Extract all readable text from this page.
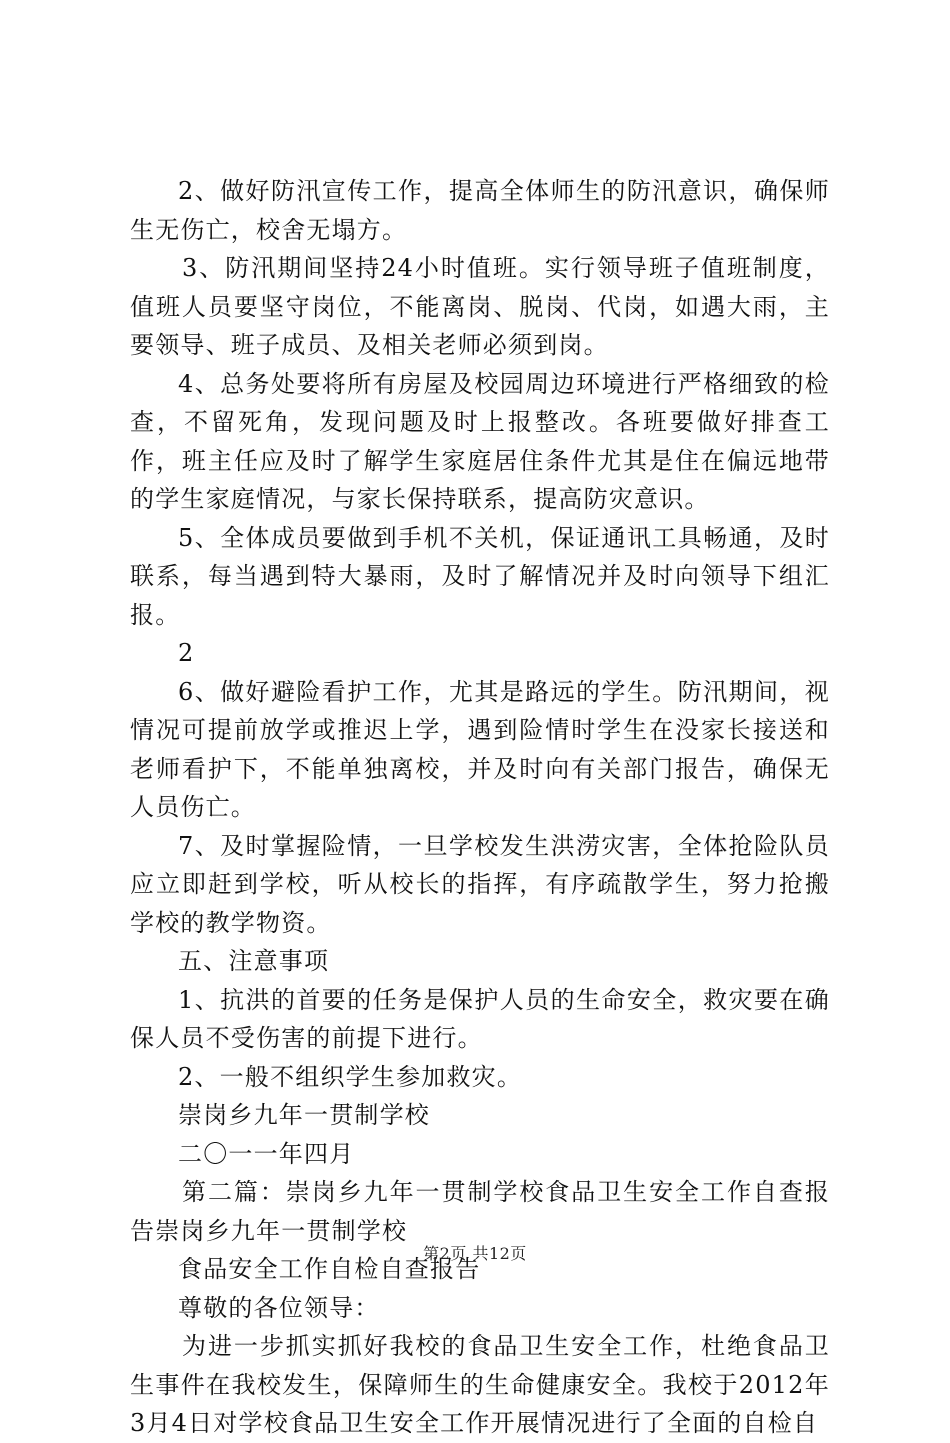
2、做好防汛宣传工作，提高全体师生的防汛意识，确保师生无伤亡，校舍无塌方。

3、防汛期间坚持24小时值班。实行领导班子值班制度，值班人员要坚守岗位，不能离岗、脱岗、代岗，如遇大雨，主要领导、班子成员、及相关老师必须到岗。

4、总务处要将所有房屋及校园周边环境进行严格细致的检查，不留死角，发现问题及时上报整改。各班要做好排查工作，班主任应及时了解学生家庭居住条件尤其是住在偏远地带的学生家庭情况，与家长保持联系，提高防灾意识。

5、全体成员要做到手机不关机，保证通讯工具畅通，及时联系，每当遇到特大暴雨，及时了解情况并及时向领导下组汇报。

2

6、做好避险看护工作，尤其是路远的学生。防汛期间，视情况可提前放学或推迟上学，遇到险情时学生在没家长接送和老师看护下，不能单独离校，并及时向有关部门报告，确保无人员伤亡。

7、及时掌握险情，一旦学校发生洪涝灾害，全体抢险队员应立即赶到学校，听从校长的指挥，有序疏散学生，努力抢搬学校的教学物资。

五、注意事项

1、抗洪的首要的任务是保护人员的生命安全，救灾要在确保人员不受伤害的前提下进行。

2、一般不组织学生参加救灾。

崇岗乡九年一贯制学校

二〇一一年四月

第二篇：崇岗乡九年一贯制学校食品卫生安全工作自查报告崇岗乡九年一贯制学校

食品安全工作自检自查报告

尊敬的各位领导：

为进一步抓实抓好我校的食品卫生安全工作，杜绝食品卫生事件在我校发生，保障师生的生命健康安全。我校于2012年3月4日对学校食品卫生安全工作开展情况进行了全面的自检自

第2页 共12页
